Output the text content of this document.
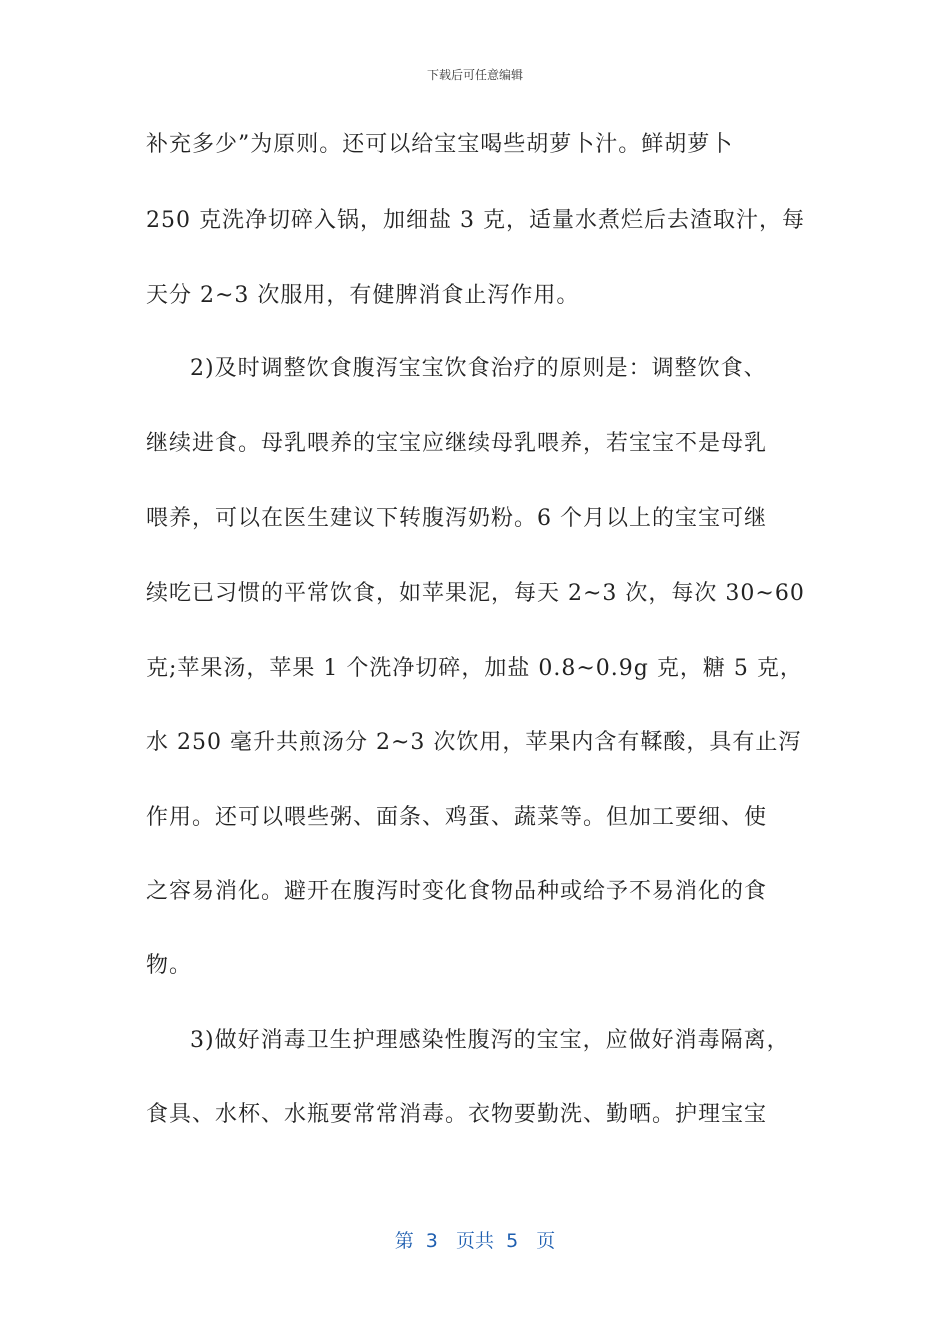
下载后可任意编辑
补充多少”为原则。还可以给宝宝喝些胡萝卜汁。鲜胡萝卜
250 克洗净切碎入锅，加细盐 3 克，适量水煮烂后去渣取汁，每
天分 2~3 次服用，有健脾消食止泻作用。
2)及时调整饮食腹泻宝宝饮食治疗的原则是：调整饮食、
继续进食。母乳喂养的宝宝应继续母乳喂养，若宝宝不是母乳
喂养，可以在医生建议下转腹泻奶粉。6 个月以上的宝宝可继
续吃已习惯的平常饮食，如苹果泥，每天 2~3 次，每次 30~60
克;苹果汤，苹果 1 个洗净切碎，加盐 0.8~0.9g 克，糖 5 克，
水 250 毫升共煎汤分 2~3 次饮用，苹果内含有鞣酸，具有止泻
作用。还可以喂些粥、面条、鸡蛋、蔬菜等。但加工要细、使
之容易消化。避开在腹泻时变化食物品种或给予不易消化的食
物。
3)做好消毒卫生护理感染性腹泻的宝宝，应做好消毒隔离，
食具、水杯、水瓶要常常消毒。衣物要勤洗、勤晒。护理宝宝
第  3   页共  5   页
